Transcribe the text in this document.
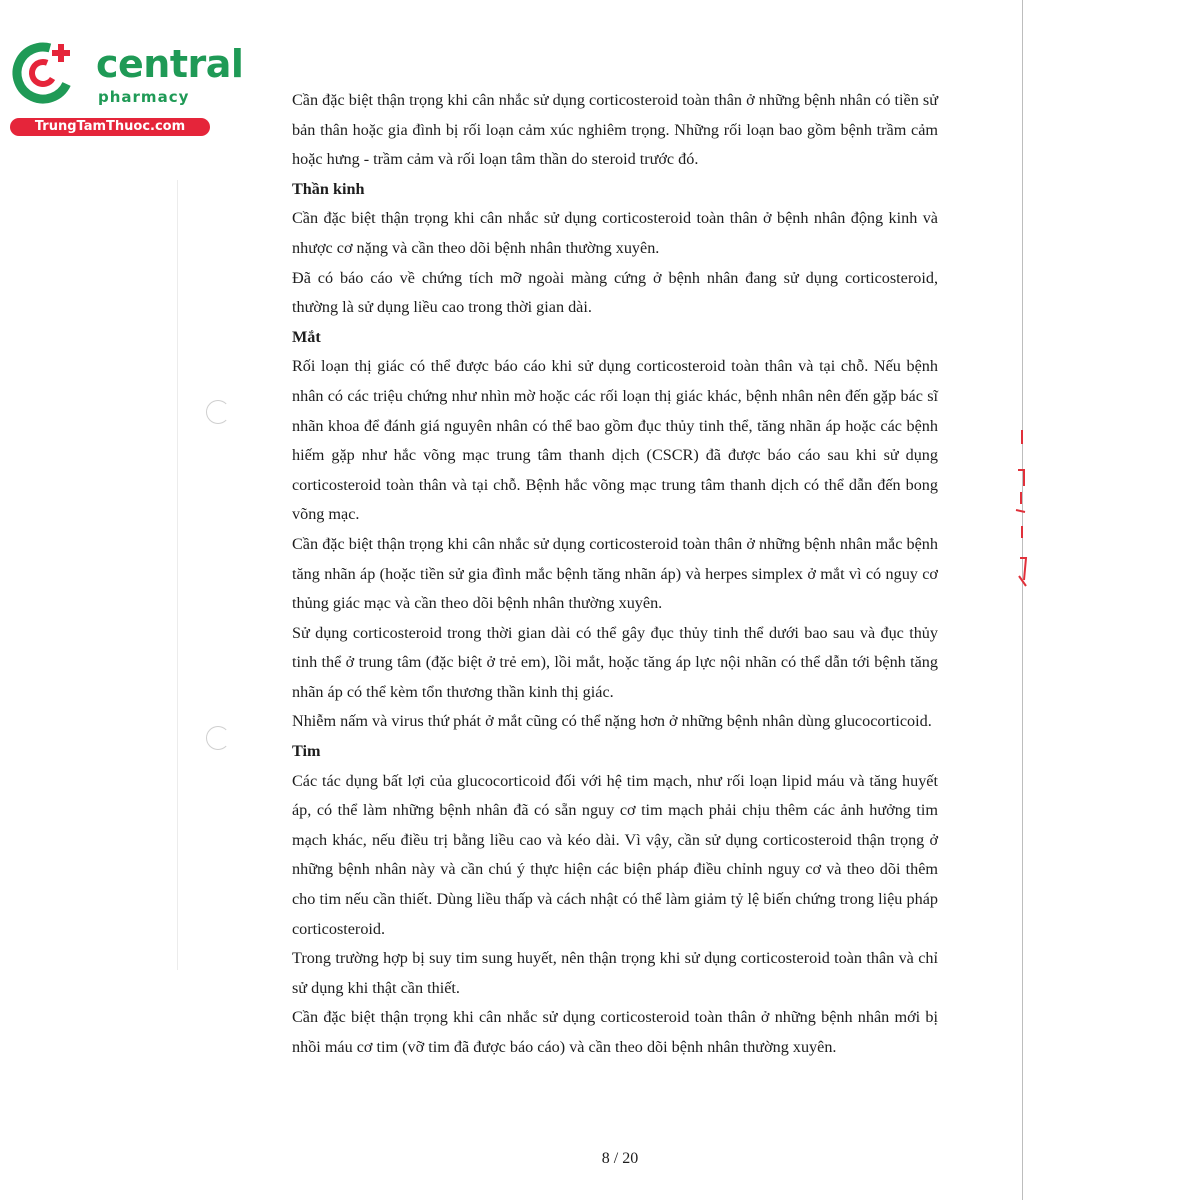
central
pharmacy
TrungTamThuoc.com

Cần đặc biệt thận trọng khi cân nhắc sử dụng corticosteroid toàn thân ở những bệnh nhân có tiền sử bản thân hoặc gia đình bị rối loạn cảm xúc nghiêm trọng. Những rối loạn bao gồm bệnh trầm cảm hoặc hưng - trầm cảm và rối loạn tâm thần do steroid trước đó.

Thần kinh

Cần đặc biệt thận trọng khi cân nhắc sử dụng corticosteroid toàn thân ở bệnh nhân động kinh và nhược cơ nặng và cần theo dõi bệnh nhân thường xuyên.

Đã có báo cáo về chứng tích mỡ ngoài màng cứng ở bệnh nhân đang sử dụng corticosteroid, thường là sử dụng liều cao trong thời gian dài.

Mắt

Rối loạn thị giác có thể được báo cáo khi sử dụng corticosteroid toàn thân và tại chỗ. Nếu bệnh nhân có các triệu chứng như nhìn mờ hoặc các rối loạn thị giác khác, bệnh nhân nên đến gặp bác sĩ nhãn khoa để đánh giá nguyên nhân có thể bao gồm đục thủy tinh thể, tăng nhãn áp hoặc các bệnh hiếm gặp như hắc võng mạc trung tâm thanh dịch (CSCR) đã được báo cáo sau khi sử dụng corticosteroid toàn thân và tại chỗ. Bệnh hắc võng mạc trung tâm thanh dịch có thể dẫn đến bong võng mạc.

Cần đặc biệt thận trọng khi cân nhắc sử dụng corticosteroid toàn thân ở những bệnh nhân mắc bệnh tăng nhãn áp (hoặc tiền sử gia đình mắc bệnh tăng nhãn áp) và herpes simplex ở mắt vì có nguy cơ thủng giác mạc và cần theo dõi bệnh nhân thường xuyên.

Sử dụng corticosteroid trong thời gian dài có thể gây đục thủy tinh thể dưới bao sau và đục thủy tinh thể ở trung tâm (đặc biệt ở trẻ em), lồi mắt, hoặc tăng áp lực nội nhãn có thể dẫn tới bệnh tăng nhãn áp có thể kèm tổn thương thần kinh thị giác.

Nhiễm nấm và virus thứ phát ở mắt cũng có thể nặng hơn ở những bệnh nhân dùng glucocorticoid.

Tim

Các tác dụng bất lợi của glucocorticoid đối với hệ tim mạch, như rối loạn lipid máu và tăng huyết áp, có thể làm những bệnh nhân đã có sẵn nguy cơ tim mạch phải chịu thêm các ảnh hưởng tim mạch khác, nếu điều trị bằng liều cao và kéo dài. Vì vậy, cần sử dụng corticosteroid thận trọng ở những bệnh nhân này và cần chú ý thực hiện các biện pháp điều chỉnh nguy cơ và theo dõi thêm cho tim nếu cần thiết. Dùng liều thấp và cách nhật có thể làm giảm tỷ lệ biến chứng trong liệu pháp corticosteroid.

Trong trường hợp bị suy tim sung huyết, nên thận trọng khi sử dụng corticosteroid toàn thân và chỉ sử dụng khi thật cần thiết.

Cần đặc biệt thận trọng khi cân nhắc sử dụng corticosteroid toàn thân ở những bệnh nhân mới bị nhồi máu cơ tim (vỡ tim đã được báo cáo) và cần theo dõi bệnh nhân thường xuyên.

8 / 20
